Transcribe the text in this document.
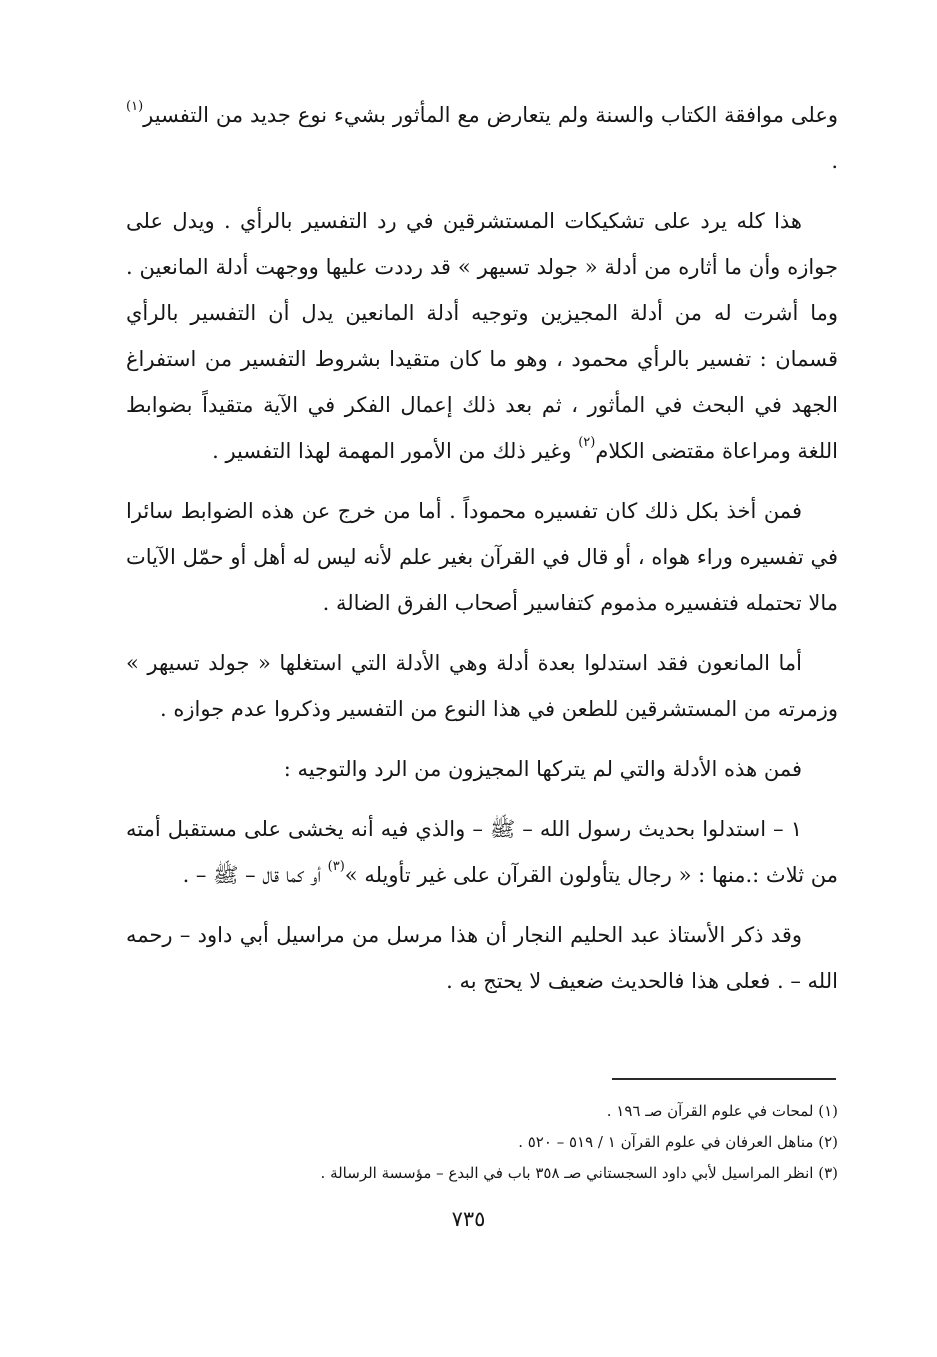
وعلى موافقة الكتاب والسنة ولم يتعارض مع المأثور بشيء نوع جديد من التفسير$^{(١)}$ .

هذا كله يرد على تشكيكات المستشرقين في رد التفسير بالرأي . ويدل على جوازه وأن ما أثاره من أدلة « جولد تسيهر » قد رددت عليها ووجهت أدلة المانعين . وما أشرت له من أدلة المجيزين وتوجيه أدلة المانعين يدل أن التفسير بالرأي قسمان : تفسير بالرأي محمود ، وهو ما كان متقيدا بشروط التفسير من استفراغ الجهد في البحث في المأثور ، ثم بعد ذلك إعمال الفكر في الآية متقيداً بضوابط اللغة ومراعاة مقتضى الكلام$^{(٢)}$ وغير ذلك من الأمور المهمة لهذا التفسير .

فمن أخذ بكل ذلك كان تفسيره محموداً . أما من خرج عن هذه الضوابط سائرا في تفسيره وراء هواه ، أو قال في القرآن بغير علم لأنه ليس له أهل أو حمّل الآيات مالا تحتمله فتفسيره مذموم كتفاسير أصحاب الفرق الضالة .

أما المانعون فقد استدلوا بعدة أدلة وهي الأدلة التي استغلها « جولد تسيهر » وزمرته من المستشرقين للطعن في هذا النوع من التفسير وذكروا عدم جوازه .

فمن هذه الأدلة والتي لم يتركها المجيزون من الرد والتوجيه :

١ – استدلوا بحديث رسول الله – ﷺ – والذي فيه أنه يخشى على مستقبل أمته من ثلاث :.منها : « رجال يتأولون القرآن على غير تأويله »$^{(٣)}$ أو كما قال – ﷺ – .

وقد ذكر الأستاذ عبد الحليم النجار أن هذا مرسل من مراسيل أبي داود – رحمه الله – . فعلى هذا فالحديث ضعيف لا يحتج به .

(١) لمحات في علوم القرآن صـ ١٩٦ .

(٢) مناهل العرفان في علوم القرآن ١ / ٥١٩ – ٥٢٠ .

(٣) انظر المراسيل لأبي داود السجستاني صـ ٣٥٨ باب في البدع – مؤسسة الرسالة .

٧٣٥
